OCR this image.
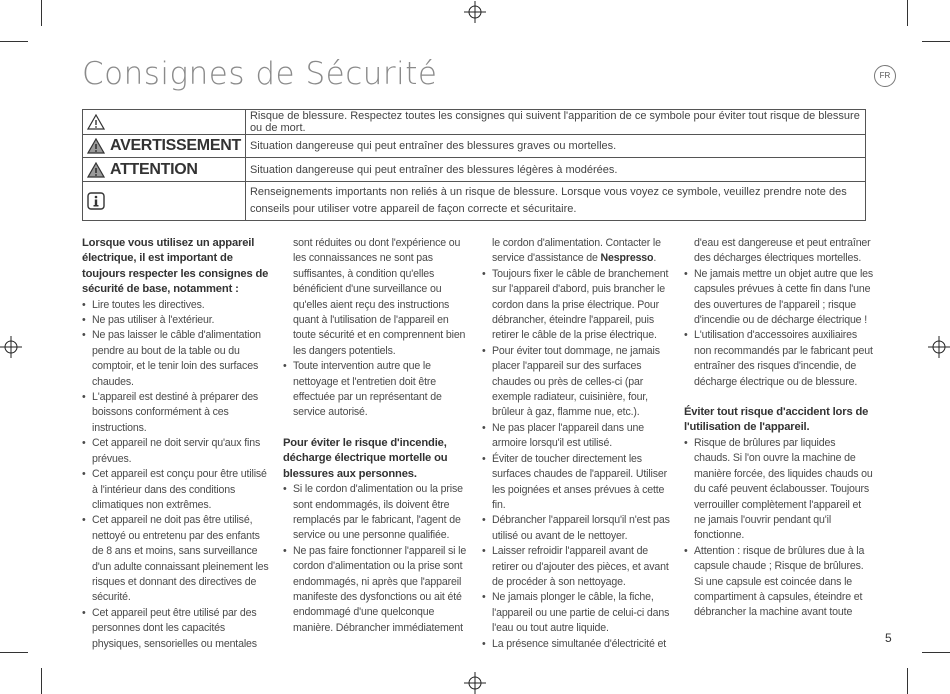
Consignes de Sécurité	FR
	Risque de blessure. Respectez toutes les consignes qui suivent l'apparition de ce symbole pour éviter tout risque de blessure ou de mort.
AVERTISSEMENT	Situation dangereuse qui peut entraîner des blessures graves ou mortelles.
ATTENTION	Situation dangereuse qui peut entraîner des blessures légères à modérées.
	Renseignements importants non reliés à un risque de blessure. Lorsque vous voyez ce symbole, veuillez prendre note des conseils pour utiliser votre appareil de façon correcte et sécuritaire.
Lorsque vous utilisez un appareil électrique, il est important de toujours respecter les consignes de sécurité de base, notamment :
• Lire toutes les directives.
• Ne pas utiliser à l'extérieur.
• Ne pas laisser le câble d'alimentation pendre au bout de la table ou du comptoir, et le tenir loin des surfaces chaudes.
• L'appareil est destiné à préparer des boissons conformément à ces instructions.
• Cet appareil ne doit servir qu'aux fins prévues.
• Cet appareil est conçu pour être utilisé à l'intérieur dans des conditions climatiques non extrêmes.
• Cet appareil ne doit pas être utilisé, nettoyé ou entretenu par des enfants de 8 ans et moins, sans surveillance d'un adulte connaissant pleinement les risques et donnant des directives de sécurité.
• Cet appareil peut être utilisé par des personnes dont les capacités physiques, sensorielles ou mentales

sont réduites ou dont l'expérience ou les connaissances ne sont pas suffisantes, à condition qu'elles bénéficient d'une surveillance ou qu'elles aient reçu des instructions quant à l'utilisation de l'appareil en toute sécurité et en comprennent bien les dangers potentiels.

• Toute intervention autre que le nettoyage et l'entretien doit être effectuée par un représentant de service autorisé.
Pour éviter le risque d'incendie, décharge électrique mortelle ou blessures aux personnes.
• Si le cordon d'alimentation ou la prise sont endommagés, ils doivent être remplacés par le fabricant, l'agent de service ou une personne qualifiée.
• Ne pas faire fonctionner l'appareil si le cordon d'alimentation ou la prise sont endommagés, ni après que l'appareil manifeste des dysfonctions ou ait été endommagé d'une quelconque manière. Débrancher immédiatement

le cordon d'alimentation. Contacter le service d'assistance de Nespresso.

• Toujours fixer le câble de branchement sur l'appareil d'abord, puis brancher le cordon dans la prise électrique. Pour débrancher, éteindre l'appareil, puis retirer le câble de la prise électrique.
• Pour éviter tout dommage, ne jamais placer l'appareil sur des surfaces chaudes ou près de celles-ci (par exemple radiateur, cuisinière, four, brûleur à gaz, flamme nue, etc.).
• Ne pas placer l'appareil dans une armoire lorsqu'il est utilisé.
• Éviter de toucher directement les surfaces chaudes de l'appareil. Utiliser les poignées et anses prévues à cette fin.
• Débrancher l'appareil lorsqu'il n'est pas utilisé ou avant de le nettoyer.
• Laisser refroidir l'appareil avant de retirer ou d'ajouter des pièces, et avant de procéder à son nettoyage.
• Ne jamais plonger le câble, la fiche, l'appareil ou une partie de celui-ci dans l'eau ou tout autre liquide.
• La présence simultanée d'électricité et

d'eau est dangereuse et peut entraîner des décharges électriques mortelles.

• Ne jamais mettre un objet autre que les capsules prévues à cette fin dans l'une des ouvertures de l'appareil ; risque d'incendie ou de décharge électrique !
• L'utilisation d'accessoires auxiliaires non recommandés par le fabricant peut entraîner des risques d'incendie, de décharge électrique ou de blessure.
Éviter tout risque d'accident lors de l'utilisation de l'appareil.
• Risque de brûlures par liquides chauds. Si l'on ouvre la machine de manière forcée, des liquides chauds ou du café peuvent éclabousser. Toujours verrouiller complètement l'appareil et ne jamais l'ouvrir pendant qu'il fonctionne.
• Attention : risque de brûlures due à la capsule chaude ; Risque de brûlures. Si une capsule est coincée dans le compartiment à capsules, éteindre et débrancher la machine avant toute
5
